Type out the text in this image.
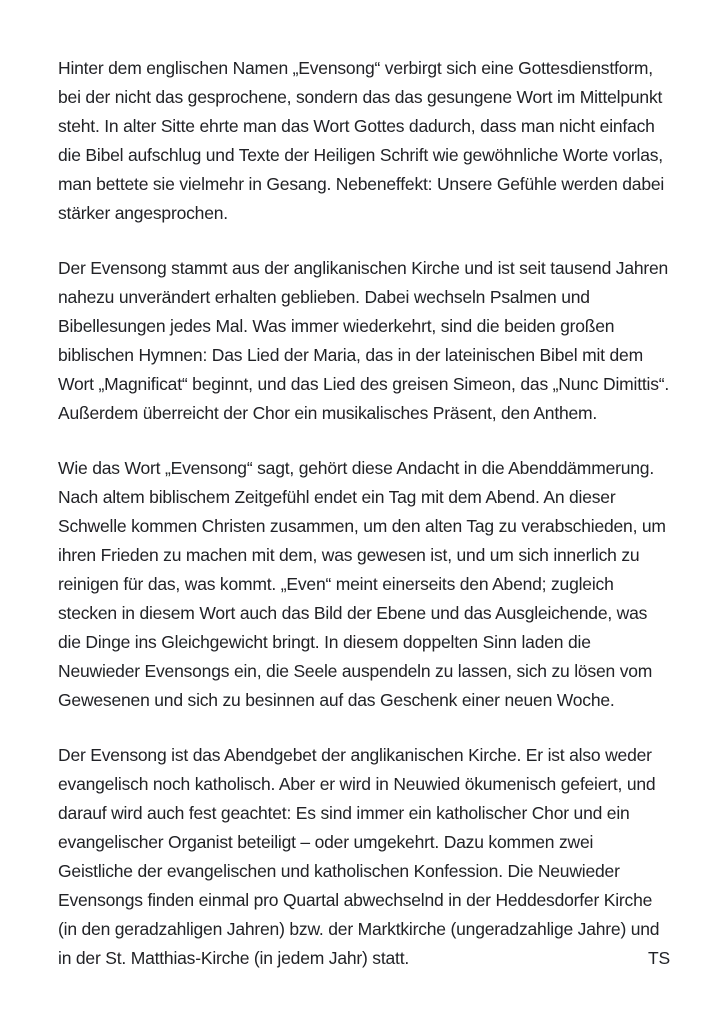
Hinter dem englischen Namen „Evensong“ verbirgt sich eine Gottesdienstform, bei der nicht das gesprochene, sondern das das gesungene Wort im Mittelpunkt steht. In alter Sitte ehrte man das Wort Gottes dadurch, dass man nicht einfach die Bibel aufschlug und Texte der Heiligen Schrift wie gewöhnliche Worte vorlas, man bettete sie vielmehr in Gesang. Nebeneffekt: Unsere Gefühle werden dabei stärker angesprochen.

Der Evensong stammt aus der anglikanischen Kirche und ist seit tausend Jahren nahezu unverändert erhalten geblieben. Dabei wechseln Psalmen und Bibellesungen jedes Mal. Was immer wiederkehrt, sind die beiden großen biblischen Hymnen: Das Lied der Maria, das in der lateinischen Bibel mit dem Wort „Magnificat“ beginnt, und das Lied des greisen Simeon, das „Nunc Dimittis“. Außerdem überreicht der Chor ein musikalisches Präsent, den Anthem.

Wie das Wort „Evensong“ sagt, gehört diese Andacht in die Abenddämmerung. Nach altem biblischem Zeitgefühl endet ein Tag mit dem Abend. An dieser Schwelle kommen Christen zusammen, um den alten Tag zu verabschieden, um ihren Frieden zu machen mit dem, was gewesen ist, und um sich innerlich zu reinigen für das, was kommt. „Even“ meint einerseits den Abend; zugleich stecken in diesem Wort auch das Bild der Ebene und das Ausgleichende, was die Dinge ins Gleichgewicht bringt. In diesem doppelten Sinn laden die Neuwieder Evensongs ein, die Seele auspendeln zu lassen, sich zu lösen vom Gewesenen und sich zu besinnen auf das Geschenk einer neuen Woche.

Der Evensong ist das Abendgebet der anglikanischen Kirche. Er ist also weder evangelisch noch katholisch. Aber er wird in Neuwied ökumenisch gefeiert, und darauf wird auch fest geachtet: Es sind immer ein katholischer Chor und ein evangelischer Organist beteiligt – oder umgekehrt. Dazu kommen zwei Geistliche der evangelischen und katholischen Konfession. Die Neuwieder Evensongs finden einmal pro Quartal abwechselnd in der Heddesdorfer Kirche (in den geradzahligen Jahren) bzw. der Marktkirche (ungeradzahlige Jahre) und in der St. Matthias-Kirche (in jedem Jahr) statt.	TS
